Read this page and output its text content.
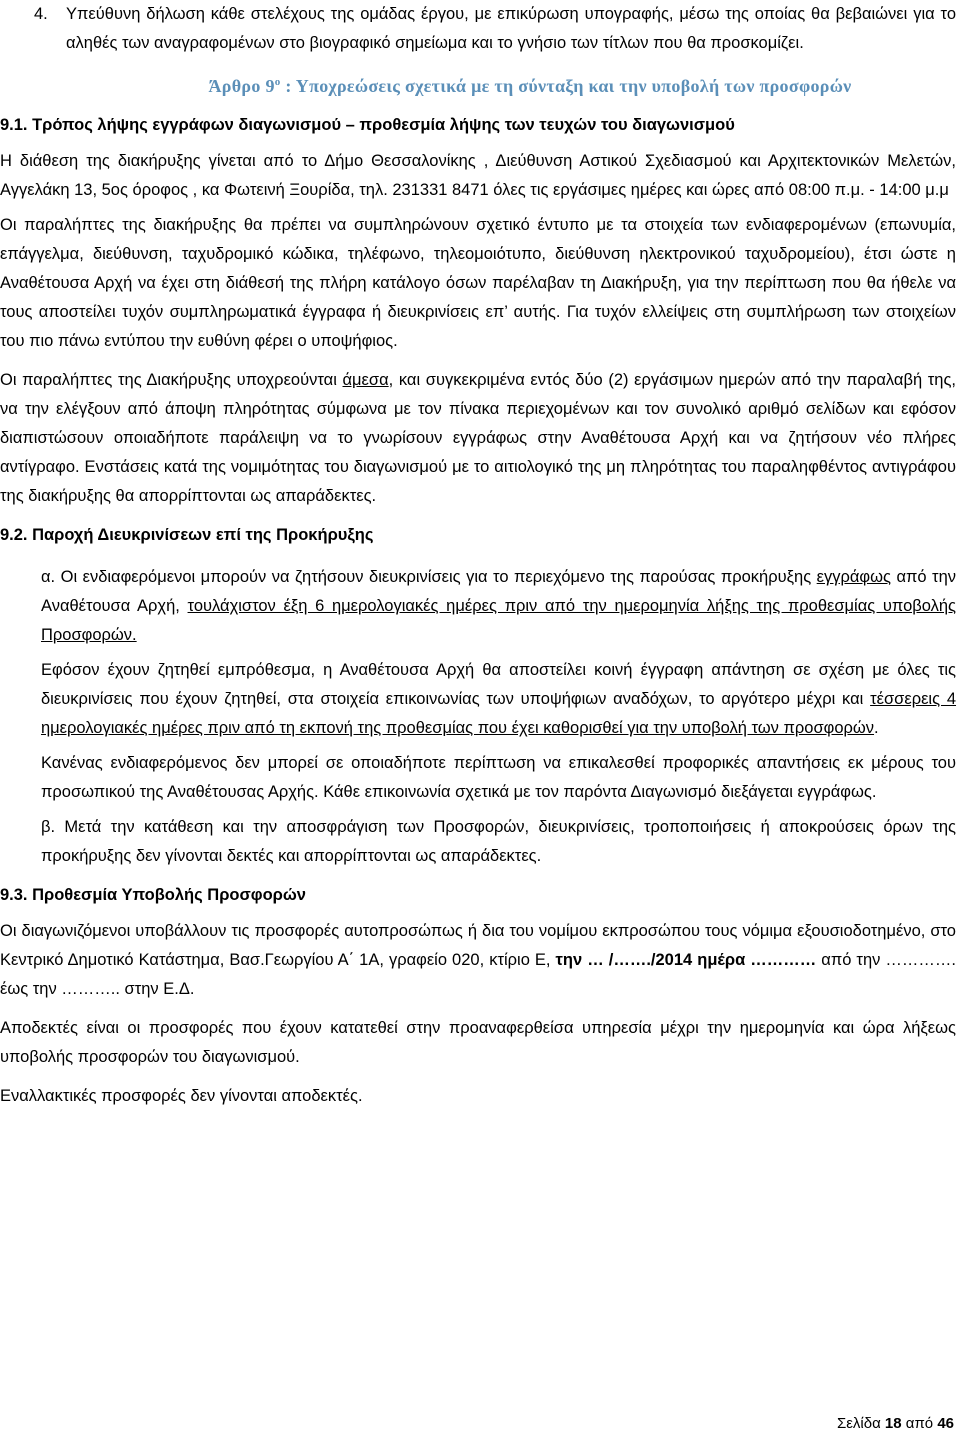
4. Υπεύθυνη δήλωση κάθε στελέχους της ομάδας έργου, με επικύρωση υπογραφής, μέσω της οποίας θα βεβαιώνει για το αληθές των αναγραφομένων στο βιογραφικό σημείωμα και το γνήσιο των τίτλων που θα προσκομίζει.

Άρθρο $9^o$ : Υποχρεώσεις σχετικά με τη σύνταξη και την υποβολή των προσφορών

9.1. Τρόπος λήψης εγγράφων διαγωνισμού – προθεσμία λήψης των τευχών του διαγωνισμού

Η διάθεση της διακήρυξης γίνεται από το Δήμο Θεσσαλονίκης , Διεύθυνση Αστικού Σχεδιασμού και Αρχιτεκτονικών Μελετών, Αγγελάκη 13, 5ος όροφος , κα Φωτεινή Ξουρίδα, τηλ. 231331 8471 όλες τις εργάσιμες ημέρες και ώρες από 08:00 π.μ. - 14:00 μ.μ

Οι παραλήπτες της διακήρυξης θα πρέπει να συμπληρώνουν σχετικό έντυπο με τα στοιχεία των ενδιαφερομένων (επωνυμία, επάγγελμα, διεύθυνση, ταχυδρομικό κώδικα, τηλέφωνο, τηλεομοιότυπο, διεύθυνση ηλεκτρονικού ταχυδρομείου), έτσι ώστε η Αναθέτουσα Αρχή να έχει στη διάθεσή της πλήρη κατάλογο όσων παρέλαβαν τη Διακήρυξη, για την περίπτωση που θα ήθελε να τους αποστείλει τυχόν συμπληρωματικά έγγραφα ή διευκρινίσεις επ’ αυτής. Για τυχόν ελλείψεις στη συμπλήρωση των στοιχείων του πιο πάνω εντύπου την ευθύνη φέρει ο υποψήφιος.

Οι παραλήπτες της Διακήρυξης υποχρεούνται άμεσα, και συγκεκριμένα εντός δύο (2) εργάσιμων ημερών από την παραλαβή της, να την ελέγξουν από άποψη πληρότητας σύμφωνα με τον πίνακα περιεχομένων και τον συνολικό αριθμό σελίδων και εφόσον διαπιστώσουν οποιαδήποτε παράλειψη να το γνωρίσουν εγγράφως στην Αναθέτουσα Αρχή και να ζητήσουν νέο πλήρες αντίγραφο. Ενστάσεις κατά της νομιμότητας του διαγωνισμού με το αιτιολογικό της μη πληρότητας του παραληφθέντος αντιγράφου της διακήρυξης θα απορρίπτονται ως απαράδεκτες.

9.2. Παροχή Διευκρινίσεων επί της Προκήρυξης

α. Οι ενδιαφερόμενοι μπορούν να ζητήσουν διευκρινίσεις για το περιεχόμενο της παρούσας προκήρυξης εγγράφως από την Αναθέτουσα Αρχή, τουλάχιστον έξη 6 ημερολογιακές ημέρες πριν από την ημερομηνία λήξης της προθεσμίας υποβολής Προσφορών.

Εφόσον έχουν ζητηθεί εμπρόθεσμα, η Αναθέτουσα Αρχή θα αποστείλει κοινή έγγραφη απάντηση σε σχέση με όλες τις διευκρινίσεις που έχουν ζητηθεί, στα στοιχεία επικοινωνίας των υποψήφιων αναδόχων, το αργότερο μέχρι και τέσσερεις 4 ημερολογιακές ημέρες πριν από τη εκπονή της προθεσμίας που έχει καθορισθεί για την υποβολή των προσφορών.

Κανένας ενδιαφερόμενος δεν μπορεί σε οποιαδήποτε περίπτωση να επικαλεσθεί προφορικές απαντήσεις εκ μέρους του προσωπικού της Αναθέτουσας Αρχής. Κάθε επικοινωνία σχετικά με τον παρόντα Διαγωνισμό διεξάγεται εγγράφως.

β. Μετά την κατάθεση και την αποσφράγιση των Προσφορών, διευκρινίσεις, τροποποιήσεις ή αποκρούσεις όρων της προκήρυξης δεν γίνονται δεκτές και απορρίπτονται ως απαράδεκτες.

9.3. Προθεσμία Υποβολής Προσφορών

Οι διαγωνιζόμενοι υποβάλλουν τις προσφορές αυτοπροσώπως ή δια του νομίμου εκπροσώπου τους νόμιμα εξουσιοδοτημένο, στο Κεντρικό Δημοτικό Κατάστημα, Βασ.Γεωργίου Α΄ 1Α, γραφείο 020, κτίριο Ε, την … /……./2014 ημέρα ………… από την …………. έως την ……….. στην Ε.Δ.

Αποδεκτές είναι οι προσφορές που έχουν κατατεθεί στην προαναφερθείσα υπηρεσία μέχρι την ημερομηνία και ώρα λήξεως υποβολής προσφορών του διαγωνισμού.

Εναλλακτικές προσφορές δεν γίνονται αποδεκτές.

Σελίδα 18 από 46
